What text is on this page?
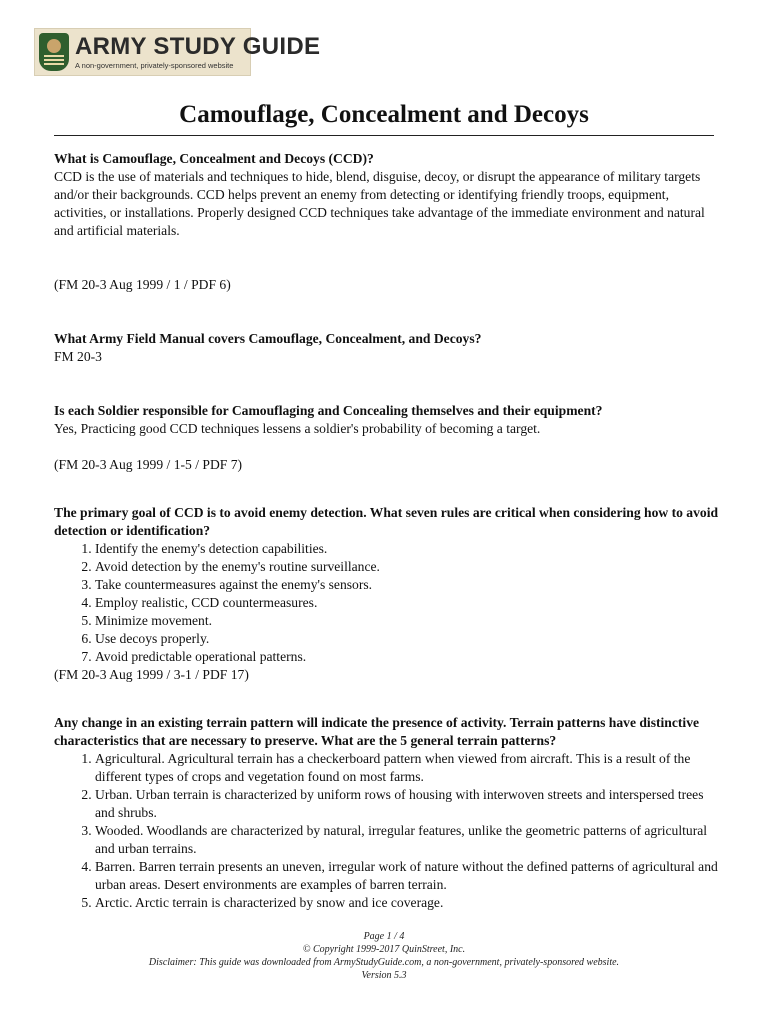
ARMY STUDY GUIDE
A non-government, privately-sponsored website
Camouflage, Concealment and Decoys

What is Camouflage, Concealment and Decoys (CCD)?

CCD is the use of materials and techniques to hide, blend, disguise, decoy, or disrupt the appearance of military targets and/or their backgrounds. CCD helps prevent an enemy from detecting or identifying friendly troops, equipment, activities, or installations. Properly designed CCD techniques take advantage of the immediate environment and natural and artificial materials.

(FM 20-3 Aug 1999 / 1 / PDF 6)

What Army Field Manual covers Camouflage, Concealment, and Decoys?

FM 20-3

Is each Soldier responsible for Camouflaging and Concealing themselves and their equipment?

Yes, Practicing good CCD techniques lessens a soldier's probability of becoming a target.

(FM 20-3 Aug 1999 / 1-5 / PDF 7)

The primary goal of CCD is to avoid enemy detection. What seven rules are critical when considering how to avoid detection or identification?

1. Identify the enemy's detection capabilities.
2. Avoid detection by the enemy's routine surveillance.
3. Take countermeasures against the enemy's sensors.
4. Employ realistic, CCD countermeasures.
5. Minimize movement.
6. Use decoys properly.
7. Avoid predictable operational patterns.

(FM 20-3 Aug 1999 / 3-1 / PDF 17)

Any change in an existing terrain pattern will indicate the presence of activity. Terrain patterns have distinctive characteristics that are necessary to preserve. What are the 5 general terrain patterns?

1. Agricultural. Agricultural terrain has a checkerboard pattern when viewed from aircraft. This is a result of the different types of crops and vegetation found on most farms.
2. Urban. Urban terrain is characterized by uniform rows of housing with interwoven streets and interspersed trees and shrubs.
3. Wooded. Woodlands are characterized by natural, irregular features, unlike the geometric patterns of agricultural and urban terrains.
4. Barren. Barren terrain presents an uneven, irregular work of nature without the defined patterns of agricultural and urban areas. Desert environments are examples of barren terrain.
5. Arctic. Arctic terrain is characterized by snow and ice coverage.
Page 1 / 4
© Copyright 1999-2017 QuinStreet, Inc.
Disclaimer: This guide was downloaded from ArmyStudyGuide.com, a non-government, privately-sponsored website.
Version 5.3
